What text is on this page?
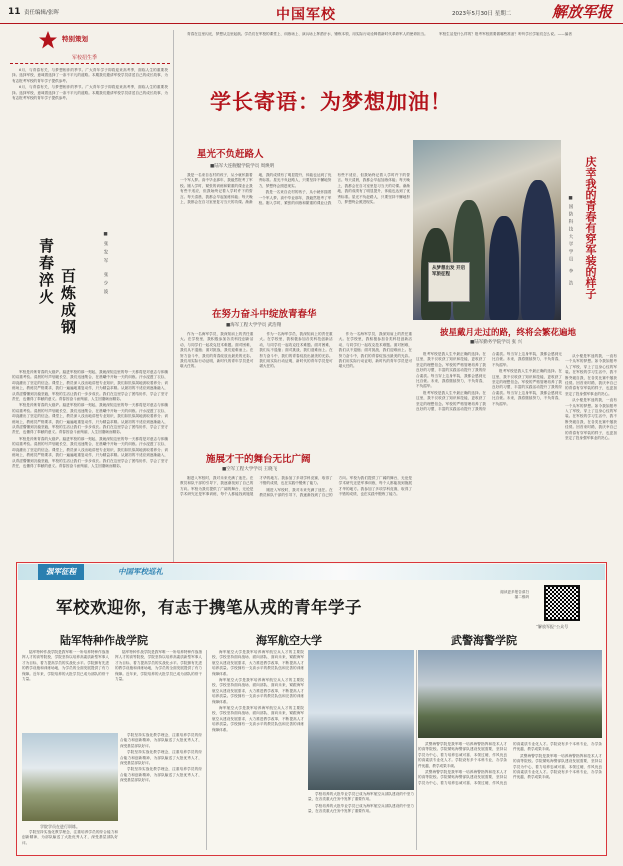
11 责任编辑/张晖	中国军校	2023年5月30日 星期二	解放军报
特别策划
军校招生季

6月，与青春有关，与梦想相伴的季节。广大青年学子即将迎来高考季，面临人生的重要抉择。选择军校，意味着选择了一条不平凡的道路。本期我们邀请军校学员讲述自己的成长故事，为有志报考军校的青年学子提供参考。

6月，与青春有关，与梦想相伴的季节。广大青年学子即将迎来高考季，面临人生的重要抉择。选择军校，意味着选择了一条不平凡的道路。本期我们邀请军校学员讲述自己的成长故事，为有志报考军校的青年学子提供参考。

青春淬火 百炼成钢
■张发军 张少波

军校是淬炼青春的大熔炉。踏进军校的那一刻起，我就深知这里的每一天都将是对意志与体魄的双重考验。清晨的号声划破长空，我们迅速集合，在晨曦中开始一天的训练。汗水浸透了衣衫，却浇灌出了坚定的信念。课堂上，教员深入浅出地讲授专业知识，我们如饥似渴地汲取着养分；训练场上，教练员严格要求，我们一遍遍地重复动作，只为精益求精。从最初的不适应到逐渐融入，从青涩懵懂到沉稳坚毅，军校的生活让我们一步步成长。我们在这里学会了团结协作，学会了坚守责任，也懂得了奉献的意义。青春因奋斗而绚丽，人生因磨砺而精彩。

军校是淬炼青春的大熔炉。踏进军校的那一刻起，我就深知这里的每一天都将是对意志与体魄的双重考验。清晨的号声划破长空，我们迅速集合，在晨曦中开始一天的训练。汗水浸透了衣衫，却浇灌出了坚定的信念。课堂上，教员深入浅出地讲授专业知识，我们如饥似渴地汲取着养分；训练场上，教练员严格要求，我们一遍遍地重复动作，只为精益求精。从最初的不适应到逐渐融入，从青涩懵懂到沉稳坚毅，军校的生活让我们一步步成长。我们在这里学会了团结协作，学会了坚守责任，也懂得了奉献的意义。青春因奋斗而绚丽，人生因磨砺而精彩。

军校是淬炼青春的大熔炉。踏进军校的那一刻起，我就深知这里的每一天都将是对意志与体魄的双重考验。清晨的号声划破长空，我们迅速集合，在晨曦中开始一天的训练。汗水浸透了衣衫，却浇灌出了坚定的信念。课堂上，教员深入浅出地讲授专业知识，我们如饥似渴地汲取着养分；训练场上，教练员严格要求，我们一遍遍地重复动作，只为精益求精。从最初的不适应到逐渐融入，从青涩懵懂到沉稳坚毅，军校的生活让我们一步步成长。我们在这里学会了团结协作，学会了坚守责任，也懂得了奉献的意义。青春因奋斗而绚丽，人生因磨砺而精彩。

青春在这里闪光，梦想从这里起航。学员们在军校的课堂上、训练场上、演兵场上挥洒汗水，锤炼本领，用实际行动诠释着新时代革命军人的使命担当。	军校生活是什么样的？报考军校需要做哪些准备？听听学长学姐们怎么说。——编者

学长寄语：为梦想加油！
星光不负赶路人
■陆军大连舰艇学院学员 周焕明

我是一名来自农村的孩子，从小就怀揣着一个军人梦。高中毕业那年，我毅然报考了军校。刚入学时，紧张的训练和繁重的课业让我有些不适应，但我始终记着入学时许下的誓言。每天清晨，我都会早起加练体能；每天晚上，我都会在自习室里复习当天的功课。渐渐地，我的成绩有了明显提升，体能也达到了优秀标准。星光不负赶路人，只要坚持不懈地努力，梦想终会照进现实。

我是一名来自农村的孩子，从小就怀揣着一个军人梦。高中毕业那年，我毅然报考了军校。刚入学时，紧张的训练和繁重的课业让我有些不适应，但我始终记着入学时许下的誓言。每天清晨，我都会早起加练体能；每天晚上，我都会在自习室里复习当天的功课。渐渐地，我的成绩有了明显提升，体能也达到了优秀标准。星光不负赶路人，只要坚持不懈地努力，梦想终会照进现实。

从梦想出发 开启军旅征程
披星戴月走过的路，终将会繁花遍地
■陆军勤务学院学员 张 兴
庆幸我的青春有穿军装的样子
■国防科技大学学员 李 浩

从小便是军迷的我，一直有一个从军的梦想。如今我如愿考入了军校，穿上了这身心仪的军装。在军校的学习生活中，我不断突破自我，在各类比赛中屡获佳绩。回首来时路，我庆幸自己的青春有穿军装的样子，也更加坚定了投身强军事业的决心。

从小便是军迷的我，一直有一个从军的梦想。如今我如愿考入了军校，穿上了这身心仪的军装。在军校的学习生活中，我不断突破自我，在各类比赛中屡获佳绩。回首来时路，我庆幸自己的青春有穿军装的样子，也更加坚定了投身强军事业的决心。

在努力奋斗中绽放青春华
■海军工程大学学员 武浩翔

作为一名海军学员，我深知肩上的责任重大。在学校里，我积极参加各类科技创新活动，与同学们一起攻克技术难题。面对困难，我们从不退缩；面对挑战，我们迎难而上。在努力奋斗中，我们的青春绽放出最美的光彩。我们用实际行动证明，新时代的青年学员是可堪大任的。

作为一名海军学员，我深知肩上的责任重大。在学校里，我积极参加各类科技创新活动，与同学们一起攻克技术难题。面对困难，我们从不退缩；面对挑战，我们迎难而上。在努力奋斗中，我们的青春绽放出最美的光彩。我们用实际行动证明，新时代的青年学员是可堪大任的。

作为一名海军学员，我深知肩上的责任重大。在学校里，我积极参加各类科技创新活动，与同学们一起攻克技术难题。面对困难，我们从不退缩；面对挑战，我们迎难而上。在努力奋斗中，我们的青春绽放出最美的光彩。我们用实际行动证明，新时代的青年学员是可堪大任的。

施展才干的舞台无比广阔
■空军工程大学学员 王晓飞

刚进入军校时，我对未来充满了迷茫。在教员和队干部的引导下，我逐渐找到了自己的方向。军校为我们提供了广阔的舞台，无论是学术研究还是军事训练，每个人都能找到施展才华的地方。我参加了多项学科竞赛，取得了不错的成绩，也在实践中锻炼了能力。

刚进入军校时，我对未来充满了迷茫。在教员和队干部的引导下，我逐渐找到了自己的方向。军校为我们提供了广阔的舞台，无论是学术研究还是军事训练，每个人都能找到施展才华的地方。我参加了多项学科竞赛，取得了不错的成绩，也在实践中锻炼了能力。

报考军校是我人生中最正确的选择。在这里，我不仅收获了知识和技能，更收获了坚定的理想信念。军校的严格管理培养了我良好的习惯，丰富的实践活动提升了我的综合素质。每当穿上这身军装，我都会感到无比自豪。未来，我将继续努力，不负青春，不负韶华。

报考军校是我人生中最正确的选择。在这里，我不仅收获了知识和技能，更收获了坚定的理想信念。军校的严格管理培养了我良好的习惯，丰富的实践活动提升了我的综合素质。每当穿上这身军装，我都会感到无比自豪。未来，我将继续努力，不负青春，不负韶华。

报考军校是我人生中最正确的选择。在这里，我不仅收获了知识和技能，更收获了坚定的理想信念。军校的严格管理培养了我良好的习惯，丰富的实践活动提升了我的综合素质。每当穿上这身军装，我都会感到无比自豪。未来，我将继续努力，不负青春，不负韶华。

强军征程	中国军校巡礼
阅读更多报告请扫描二维码
“解放军报”公众号
军校欢迎你，有志于携笔从戎的青年学子
陆军特种作战学院	海军航空大学	武警海警学院

陆军特种作战学院是我军唯一一所培养特种作战指挥人才的高等院校，学院坚持以培养高素质新型军事人才为目标，着力提高学员的实战化水平。学院拥有先进的教学设施和训练场地，为学员的全面发展提供了有力保障。近年来，学院培养的大批学员已成为部队的骨干力量。

陆军特种作战学院是我军唯一一所培养特种作战指挥人才的高等院校，学院坚持以培养高素质新型军事人才为目标，着力提高学员的实战化水平。学院拥有先进的教学设施和训练场地，为学员的全面发展提供了有力保障。近年来，学院培养的大批学员已成为部队的骨干力量。

学院坚持实战化教学理念，注重培养学员的综合能力和创新精神，为部队输送了大批优秀人才，深受基层部队好评。

学院坚持实战化教学理念，注重培养学员的综合能力和创新精神，为部队输送了大批优秀人才，深受基层部队好评。

学院坚持实战化教学理念，注重培养学员的综合能力和创新精神，为部队输送了大批优秀人才，深受基层部队好评。

学院学员在进行训练。

学院坚持实战化教学理念，注重培养学员的综合能力和创新精神，为部队输送了大批优秀人才，深受基层部队好评。

海军航空大学是我军培养海军航空兵人才的主要院校，学校坚持面向战场、面向部队、面向未来，紧跟海军航空兵建设发展需求，大力推进教学改革，不断提高人才培养质量。学校拥有一支高水平的教员队伍和完善的训练保障体系。

海军航空大学是我军培养海军航空兵人才的主要院校，学校坚持面向战场、面向部队、面向未来，紧跟海军航空兵建设发展需求，大力推进教学改革，不断提高人才培养质量。学校拥有一支高水平的教员队伍和完善的训练保障体系。

海军航空大学是我军培养海军航空兵人才的主要院校，学校坚持面向战场、面向部队、面向未来，紧跟海军航空兵建设发展需求，大力推进教学改革，不断提高人才培养质量。学校拥有一支高水平的教员队伍和完善的训练保障体系。

学校培养的大批毕业学员已成为海军航空兵部队建设的中坚力量，在各类重大任务中发挥了重要作用。

学校培养的大批毕业学员已成为海军航空兵部队建设的中坚力量，在各类重大任务中发挥了重要作用。

武警海警学院是我军唯一培养海警指挥和技术人才的高等院校。学院紧贴海警部队建设发展需要，坚持以学员为中心，着力培养忠诚可靠、本领过硬、作风优良的高素质专业化人才。学院设有多个本科专业，办学条件优越，教学成果丰硕。

武警海警学院是我军唯一培养海警指挥和技术人才的高等院校。学院紧贴海警部队建设发展需要，坚持以学员为中心，着力培养忠诚可靠、本领过硬、作风优良的高素质专业化人才。学院设有多个本科专业，办学条件优越，教学成果丰硕。

武警海警学院是我军唯一培养海警指挥和技术人才的高等院校。学院紧贴海警部队建设发展需要，坚持以学员为中心，着力培养忠诚可靠、本领过硬、作风优良的高素质专业化人才。学院设有多个本科专业，办学条件优越，教学成果丰硕。
